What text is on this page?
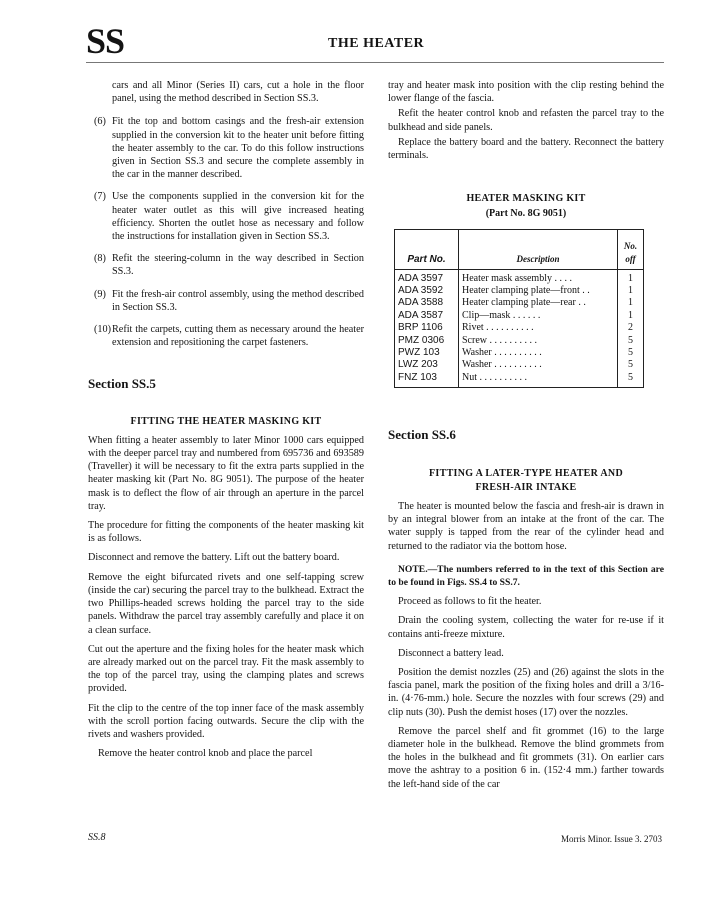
SS	THE HEATER

cars and all Minor (Series II) cars, cut a hole in the floor panel, using the method described in Section SS.3.

(6) Fit the top and bottom casings and the fresh-air extension supplied in the conversion kit to the heater unit before fitting the heater assembly to the car. To do this follow instructions given in Section SS.3 and secure the complete assembly in the car in the manner described.
(7) Use the components supplied in the conversion kit for the heater water outlet as this will give increased heating efficiency. Shorten the outlet hose as necessary and follow the instructions for installation given in Section SS.3.
(8) Refit the steering-column in the way described in Section SS.3.
(9) Fit the fresh-air control assembly, using the method described in Section SS.3.
(10) Refit the carpets, cutting them as necessary around the heater extension and repositioning the carpet fasteners.
Section SS.5
FITTING THE HEATER MASKING KIT

When fitting a heater assembly to later Minor 1000 cars equipped with the deeper parcel tray and numbered from 695736 and 693589 (Traveller) it will be necessary to fit the extra parts supplied in the heater masking kit (Part No. 8G 9051). The purpose of the heater mask is to deflect the flow of air through an aperture in the parcel tray.

The procedure for fitting the components of the heater masking kit is as follows.

Disconnect and remove the battery. Lift out the battery board.

Remove the eight bifurcated rivets and one self-tapping screw (inside the car) securing the parcel tray to the bulkhead. Extract the two Phillips-headed screws holding the parcel tray to the side panels. Withdraw the parcel tray assembly carefully and place it on a clean surface.

Cut out the aperture and the fixing holes for the heater mask which are already marked out on the parcel tray. Fit the mask assembly to the top of the parcel tray, using the clamping plates and screws provided.

Fit the clip to the centre of the top inner face of the mask assembly with the scroll portion facing outwards. Secure the clip with the rivets and washers provided.

Remove the heater control knob and place the parcel

tray and heater mask into position with the clip resting behind the lower flange of the fascia.

Refit the heater control knob and refasten the parcel tray to the bulkhead and side panels.

Replace the battery board and the battery. Reconnect the battery terminals.

HEATER MASKING KIT
(Part No. 8G 9051)
Part No.	Description	No. off
ADA 3597	Heater mask assembly . . . .	1
ADA 3592	Heater clamping plate—front . .	1
ADA 3588	Heater clamping plate—rear . .	1
ADA 3587	Clip—mask . . . . . .	1
BRP 1106	Rivet . . . . . . . . . .	2
PMZ 0306	Screw . . . . . . . . . .	5
PWZ 103	Washer . . . . . . . . . .	5
LWZ 203	Washer . . . . . . . . . .	5
FNZ 103	Nut . . . . . . . . . .	5
Section SS.6
FITTING A LATER-TYPE HEATER AND
FRESH-AIR INTAKE

The heater is mounted below the fascia and fresh-air is drawn in by an integral blower from an intake at the front of the car. The water supply is tapped from the rear of the cylinder head and returned to the radiator via the bottom hose.

NOTE.—The numbers referred to in the text of this Section are to be found in Figs. SS.4 to SS.7.

Proceed as follows to fit the heater.

Drain the cooling system, collecting the water for re-use if it contains anti-freeze mixture.

Disconnect a battery lead.

Position the demist nozzles (25) and (26) against the slots in the fascia panel, mark the position of the fixing holes and drill a 3/16-in. (4·76-mm.) hole. Secure the nozzles with four screws (29) and clip nuts (30). Push the demist hoses (17) over the nozzles.

Remove the parcel shelf and fit grommet (16) to the large diameter hole in the bulkhead. Remove the blind grommets from the holes in the bulkhead and fit grommets (31). On earlier cars move the ashtray to a position 6 in. (152·4 mm.) farther towards the left-hand side of the car

SS.8	Morris Minor. Issue 3. 2703
